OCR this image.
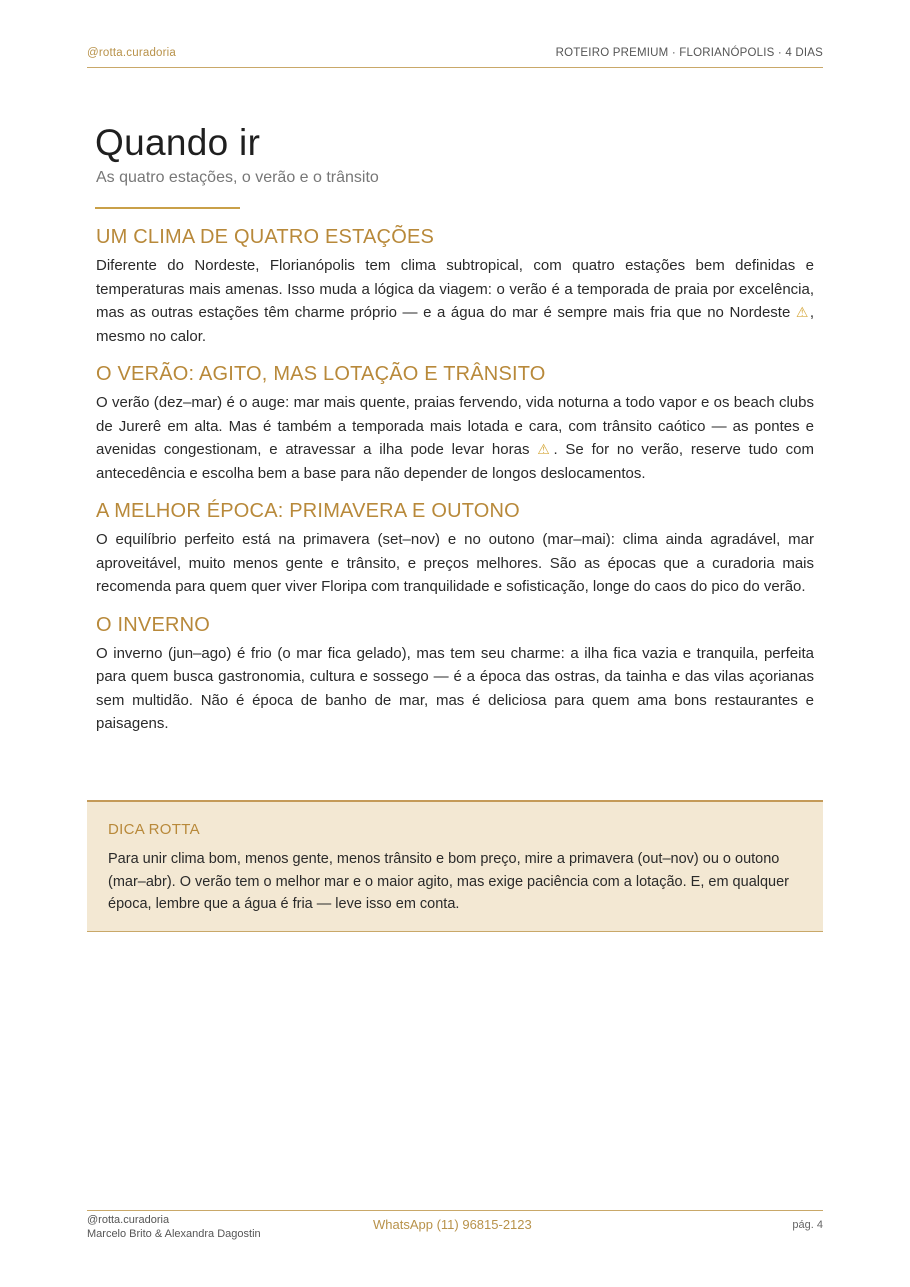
@rotta.curadoria	ROTEIRO PREMIUM · FLORIANÓPOLIS · 4 DIAS
Quando ir

As quatro estações, o verão e o trânsito

UM CLIMA DE QUATRO ESTAÇÕES

Diferente do Nordeste, Florianópolis tem clima subtropical, com quatro estações bem definidas e temperaturas mais amenas. Isso muda a lógica da viagem: o verão é a temporada de praia por excelência, mas as outras estações têm charme próprio — e a água do mar é sempre mais fria que no Nordeste ⚠, mesmo no calor.

O VERÃO: AGITO, MAS LOTAÇÃO E TRÂNSITO

O verão (dez–mar) é o auge: mar mais quente, praias fervendo, vida noturna a todo vapor e os beach clubs de Jurerê em alta. Mas é também a temporada mais lotada e cara, com trânsito caótico — as pontes e avenidas congestionam, e atravessar a ilha pode levar horas ⚠. Se for no verão, reserve tudo com antecedência e escolha bem a base para não depender de longos deslocamentos.

A MELHOR ÉPOCA: PRIMAVERA E OUTONO

O equilíbrio perfeito está na primavera (set–nov) e no outono (mar–mai): clima ainda agradável, mar aproveitável, muito menos gente e trânsito, e preços melhores. São as épocas que a curadoria mais recomenda para quem quer viver Floripa com tranquilidade e sofisticação, longe do caos do pico do verão.

O INVERNO

O inverno (jun–ago) é frio (o mar fica gelado), mas tem seu charme: a ilha fica vazia e tranquila, perfeita para quem busca gastronomia, cultura e sossego — é a época das ostras, da tainha e das vilas açorianas sem multidão. Não é época de banho de mar, mas é deliciosa para quem ama bons restaurantes e paisagens.

DICA ROTTA

Para unir clima bom, menos gente, menos trânsito e bom preço, mire a primavera (out–nov) ou o outono (mar–abr). O verão tem o melhor mar e o maior agito, mas exige paciência com a lotação. E, em qualquer época, lembre que a água é fria — leve isso em conta.

@rotta.curadoria
Marcelo Brito & Alexandra Dagostin
WhatsApp (11) 96815-2123	pág. 4
